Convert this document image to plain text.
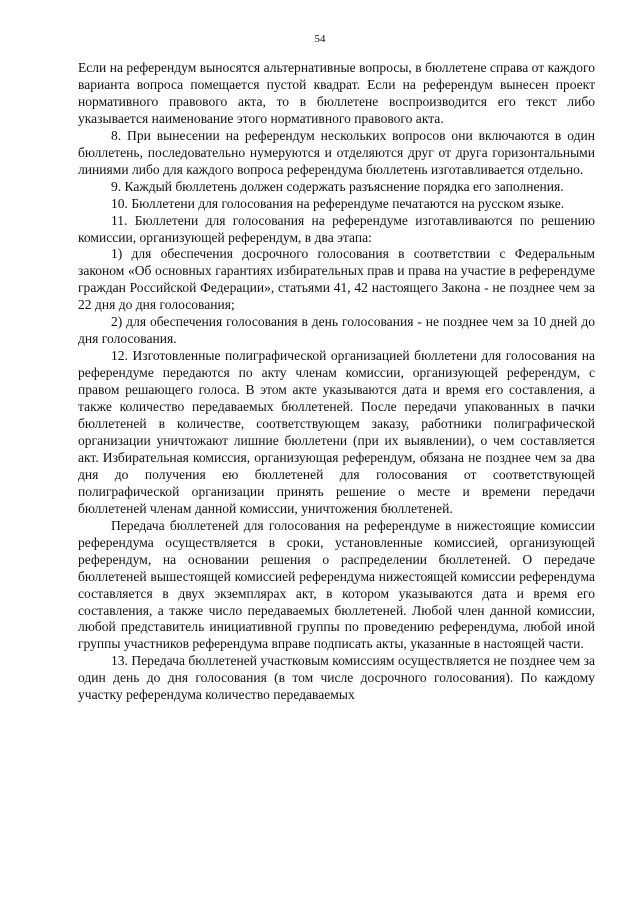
54

Если на референдум выносятся альтернативные вопросы, в бюллетене справа от каждого варианта вопроса помещается пустой квадрат. Если на референдум вынесен проект нормативного правового акта, то в бюллетене воспроизводится его текст либо указывается наименование этого нормативного правового акта.

8. При вынесении на референдум нескольких вопросов они включаются в один бюллетень, последовательно нумеруются и отделяются друг от друга горизонтальными линиями либо для каждого вопроса референдума бюллетень изготавливается отдельно.

9. Каждый бюллетень должен содержать разъяснение порядка его заполнения.

10. Бюллетени для голосования на референдуме печатаются на русском языке.

11. Бюллетени для голосования на референдуме изготавливаются по решению комиссии, организующей референдум, в два этапа:

1) для обеспечения досрочного голосования в соответствии с Федеральным законом «Об основных гарантиях избирательных прав и права на участие в референдуме граждан Российской Федерации», статьями 41, 42 настоящего Закона - не позднее чем за 22 дня до дня голосования;

2) для обеспечения голосования в день голосования - не позднее чем за 10 дней до дня голосования.

12. Изготовленные полиграфической организацией бюллетени для голосования на референдуме передаются по акту членам комиссии, организующей референдум, с правом решающего голоса. В этом акте указываются дата и время его составления, а также количество передаваемых бюллетеней. После передачи упакованных в пачки бюллетеней в количестве, соответствующем заказу, работники полиграфической организации уничтожают лишние бюллетени (при их выявлении), о чем составляется акт. Избирательная комиссия, организующая референдум, обязана не позднее чем за два дня до получения ею бюллетеней для голосования от соответствующей полиграфической организации принять решение о месте и времени передачи бюллетеней членам данной комиссии, уничтожения бюллетеней.

Передача бюллетеней для голосования на референдуме в нижестоящие комиссии референдума осуществляется в сроки, установленные комиссией, организующей референдум, на основании решения о распределении бюллетеней. О передаче бюллетеней вышестоящей комиссией референдума нижестоящей комиссии референдума составляется в двух экземплярах акт, в котором указываются дата и время его составления, а также число передаваемых бюллетеней. Любой член данной комиссии, любой представитель инициативной группы по проведению референдума, любой иной группы участников референдума вправе подписать акты, указанные в настоящей части.

13. Передача бюллетеней участковым комиссиям осуществляется не позднее чем за один день до дня голосования (в том числе досрочного голосования). По каждому участку референдума количество передаваемых
